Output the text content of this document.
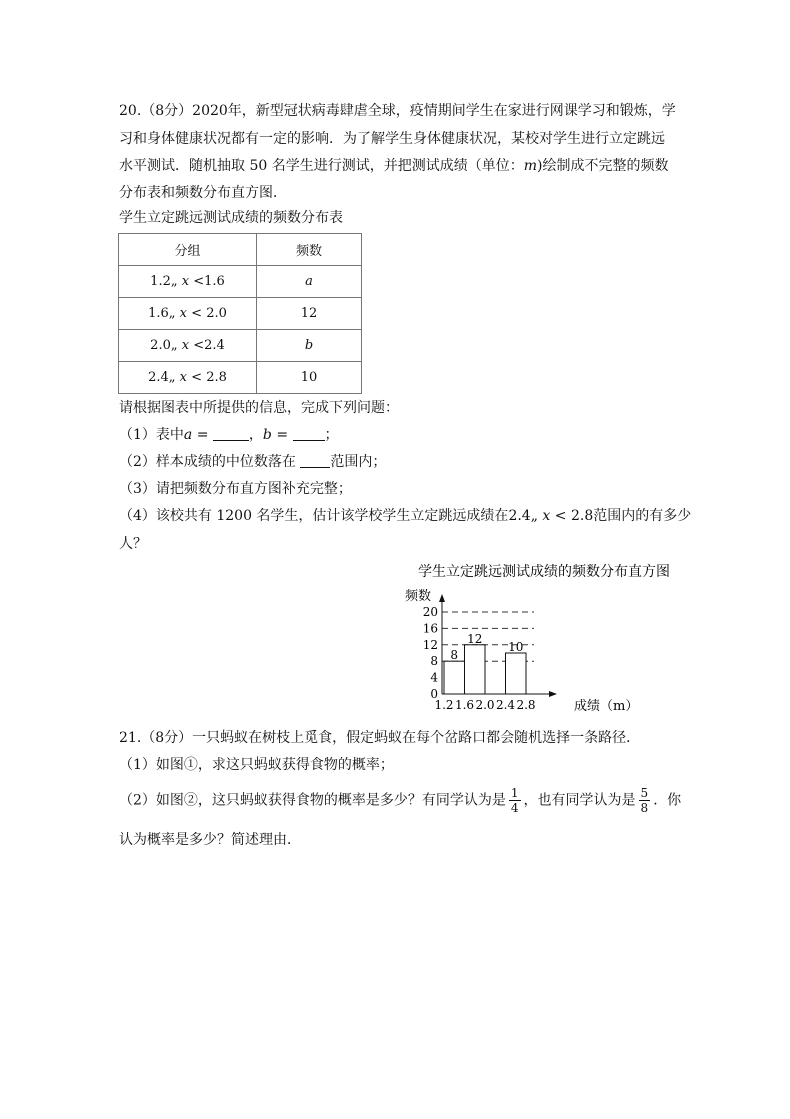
20.（8分）2020年，新型冠状病毒肆虐全球，疫情期间学生在家进行网课学习和锻炼，学
习和身体健康状况都有一定的影响．为了解学生身体健康状况，某校对学生进行立定跳远
水平测试．随机抽取 50 名学生进行测试，并把测试成绩（单位：m)绘制成不完整的频数
分布表和频数分布直方图．
学生立定跳远测试成绩的频数分布表
分组	频数
1.2„ x <1.6	a
1.6„ x < 2.0	12
2.0„ x <2.4	b
2.4„ x < 2.8	10
请根据图表中所提供的信息，完成下列问题：
（1）表中a =	，b = ；
（2）样本成绩的中位数落在 范围内；
（3）请把频数分布直方图补充完整；
（4）该校共有 1200 名学生，估计该学校学生立定跳远成绩在2.4„ x < 2.8范围内的有多少
人？
学生立定跳远测试成绩的频数分布直方图
频数
8
12
10
0
4
8
12
16
20
1.2 1.6 2.0 2.4 2.8	成绩（m）
21.（8分）一只蚂蚁在树枝上觅食，假定蚂蚁在每个岔路口都会随机选择一条路径．
（1）如图①，求这只蚂蚁获得食物的概率；
（2）如图②，这只蚂蚁获得食物的概率是多少？有同学认为是 $\frac{1}{4}$ ，也有同学认为是 $\frac{5}{8}$ ．你
认为概率是多少？简述理由．
